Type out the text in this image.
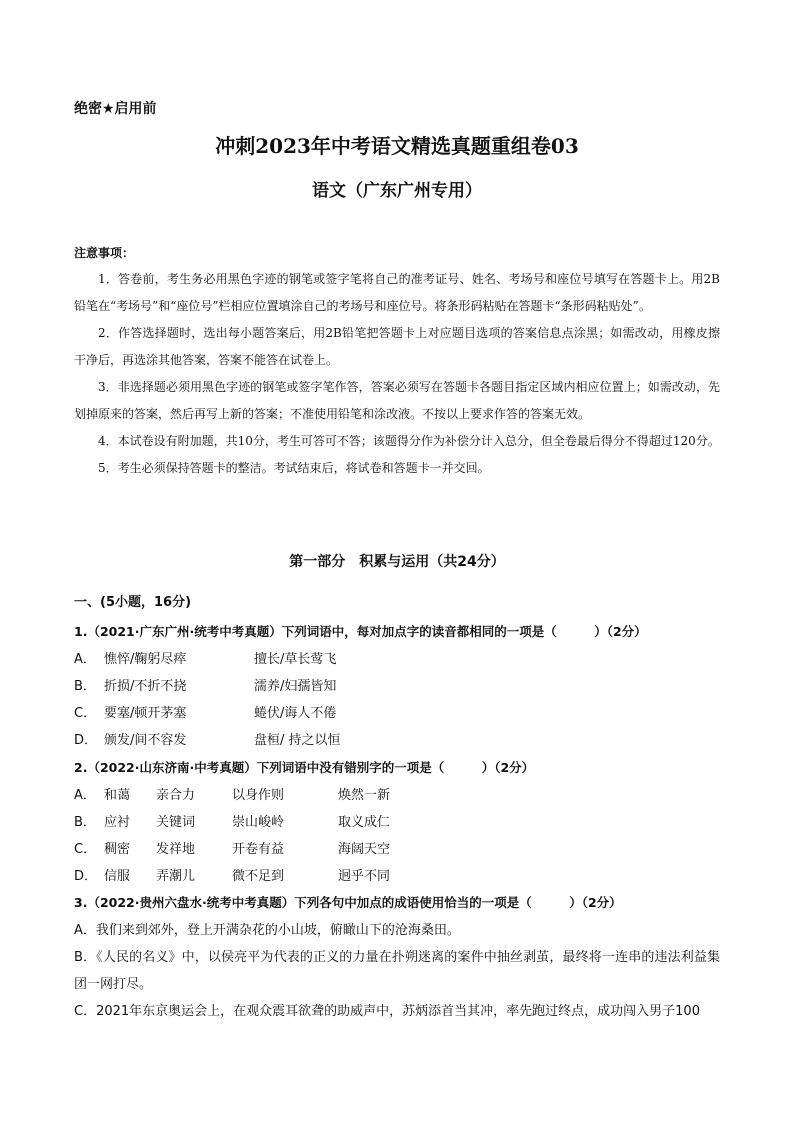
绝密★启用前
冲刺2023年中考语文精选真题重组卷03
语文（广东广州专用）
注意事项：

1．答卷前，考生务必用黑色字迹的钢笔或签字笔将自己的准考证号、姓名、考场号和座位号填写在答题卡上。用2B铅笔在“考场号”和“座位号”栏相应位置填涂自己的考场号和座位号。将条形码粘贴在答题卡“条形码粘贴处”。

2．作答选择题时，选出每小题答案后，用2B铅笔把答题卡上对应题目选项的答案信息点涂黑；如需改动，用橡皮擦干净后，再选涂其他答案，答案不能答在试卷上。

3．非选择题必须用黑色字迹的钢笔或签字笔作答，答案必须写在答题卡各题目指定区域内相应位置上；如需改动，先划掉原来的答案，然后再写上新的答案；不准使用铅笔和涂改液。不按以上要求作答的答案无效。

4．本试卷设有附加题，共10分，考生可答可不答；该题得分作为补偿分计入总分，但全卷最后得分不得超过120分。

5．考生必须保持答题卡的整洁。考试结束后，将试卷和答题卡一并交回。

第一部分　积累与运用（共24分）
一、(5小题，16分)
1.（2021·广东广州·统考中考真题）下列词语中，每对加点字的读音都相同的一项是（　　　）（2分）
A． 憔悴/鞠躬尽瘁	擅长/草长莺飞
B． 折损/不折不挠	濡养/妇孺皆知
C． 要塞/顿开茅塞	蜷伏/诲人不倦
D． 颁发/间不容发	盘桓/ 持之以恒
2.（2022·山东济南·中考真题）下列词语中没有错别字的一项是（　　　）（2分）
A． 和蔼 亲合力	以身作则	焕然一新
B． 应衬 关键词	崇山峻岭	取义成仁
C． 稠密 发祥地	开卷有益	海阔天空
D． 信服 弄潮儿	微不足到	迥乎不同
3.（2022·贵州六盘水·统考中考真题）下列各句中加点的成语使用恰当的一项是（　　　）（2分）

A．我们来到郊外，登上开满杂花的小山坡，俯瞰山下的沧海桑田。

B．《人民的名义》中，以侯亮平为代表的正义的力量在扑朔迷离的案件中抽丝剥茧，最终将一连串的违法利益集团一网打尽。

C．2021年东京奥运会上，在观众震耳欲聋的助威声中，苏炳添首当其冲，率先跑过终点，成功闯入男子100
